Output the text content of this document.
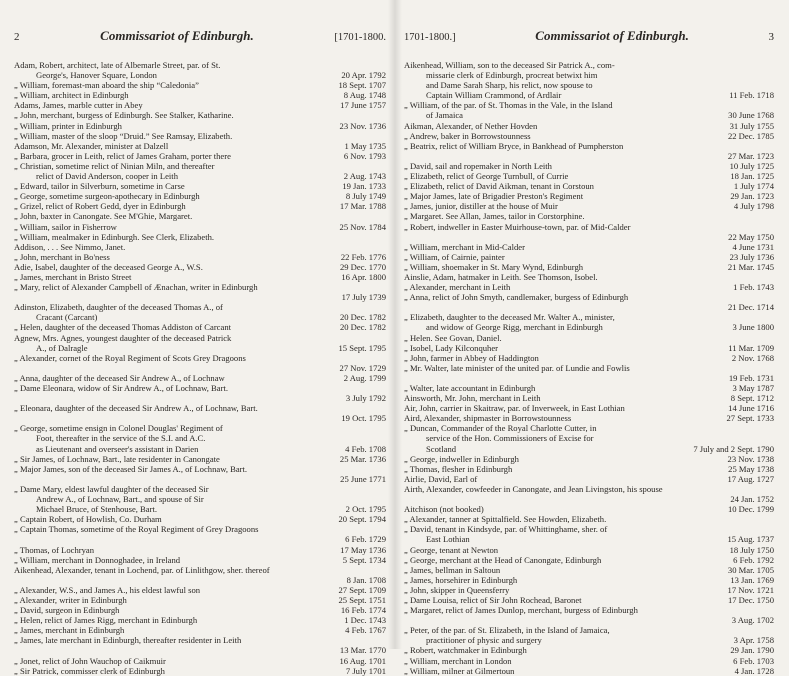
2	Commissariot of Edinburgh.	[1701-1800.
Adam, Robert, architect, late of Albemarle Street, par. of St.
George's, Hanover Square, London	20 Apr. 1792
„ William, foremast-man aboard the ship “Caledonia”	18 Sept. 1707
„ William, architect in Edinburgh	8 Aug. 1748
Adams, James, marble cutter in Abey	17 June 1757
„ John, merchant, burgess of Edinburgh. See Stalker, Katharine.
„ William, printer in Edinburgh	23 Nov. 1736
„ William, master of the sloop “Druid.” See Ramsay, Elizabeth.
Adamson, Mr. Alexander, minister at Dalzell	1 May 1735
„ Barbara, grocer in Leith, relict of James Graham, porter there	6 Nov. 1793
„ Christian, sometime relict of Ninian Miln, and thereafter
relict of David Anderson, cooper in Leith	2 Aug. 1743
„ Edward, tailor in Silverburn, sometime in Carse	19 Jan. 1733
„ George, sometime surgeon-apothecary in Edinburgh	8 July 1749
„ Grizel, relict of Robert Gedd, dyer in Edinburgh	17 Mar. 1788
„ John, baxter in Canongate. See M'Ghie, Margaret.
„ William, sailor in Fisherrow	25 Nov. 1784
„ William, mealmaker in Edinburgh. See Clerk, Elizabeth.
Addison, . . . See Nimmo, Janet.
„ John, merchant in Bo'ness	22 Feb. 1776
Adie, Isabel, daughter of the deceased George A., W.S.	29 Dec. 1770
„ James, merchant in Bristo Street	16 Apr. 1800
„ Mary, relict of Alexander Campbell of Ænachan, writer in Edinburgh
17 July 1739
Adinston, Elizabeth, daughter of the deceased Thomas A., of
Cracant (Carcant)	20 Dec. 1782
„ Helen, daughter of the deceased Thomas Addiston of Carcant	20 Dec. 1782
Agnew, Mrs. Agnes, youngest daughter of the deceased Patrick
A., of Dalragle	15 Sept. 1795
„ Alexander, cornet of the Royal Regiment of Scots Grey Dragoons
27 Nov. 1729
„ Anna, daughter of the deceased Sir Andrew A., of Lochnaw	2 Aug. 1799
„ Dame Eleonara, widow of Sir Andrew A., of Lochnaw, Bart.
3 July 1792
„ Eleonara, daughter of the deceased Sir Andrew A., of Lochnaw, Bart.
19 Oct. 1795
„ George, sometime ensign in Colonel Douglas' Regiment of
Foot, thereafter in the service of the S.I. and A.C.
as Lieutenant and overseer's assistant in Darien	4 Feb. 1708
„ Sir James, of Lochnaw, Bart., late residenter in Canongate	25 Mar. 1736
„ Major James, son of the deceased Sir James A., of Lochnaw, Bart.
25 June 1771
„ Dame Mary, eldest lawful daughter of the deceased Sir
Andrew A., of Lochnaw, Bart., and spouse of Sir
Michael Bruce, of Stenhouse, Bart.	2 Oct. 1795
„ Captain Robert, of Howlish, Co. Durham	20 Sept. 1794
„ Captain Thomas, sometime of the Royal Regiment of Grey Dragoons
6 Feb. 1729
„ Thomas, of Lochryan	17 May 1736
„ William, merchant in Donnoghadee, in Ireland	5 Sept. 1734
Aikenhead, Alexander, tenant in Lochend, par. of Linlithgow, sher. thereof
8 Jan. 1708
„ Alexander, W.S., and James A., his eldest lawful son	27 Sept. 1709
„ Alexander, writer in Edinburgh	25 Sept. 1751
„ David, surgeon in Edinburgh	16 Feb. 1774
„ Helen, relict of James Rigg, merchant in Edinburgh	1 Dec. 1743
„ James, merchant in Edinburgh	4 Feb. 1767
„ James, late merchant in Edinburgh, thereafter residenter in Leith
13 Mar. 1770
„ Jonet, relict of John Wauchop of Caikmuir	16 Aug. 1701
„ Sir Patrick, commisser clerk of Edinburgh	7 July 1701
1701-1800.]	Commissariot of Edinburgh.	3
Aikenhead, William, son to the deceased Sir Patrick A., com-
missarie clerk of Edinburgh, procreat betwixt him
and Dame Sarah Sharp, his relict, now spouse to
Captain William Crammond, of Ardlair	11 Feb. 1718
„ William, of the par. of St. Thomas in the Vale, in the Island
of Jamaica	30 June 1768
Aikman, Alexander, of Nether Hovden	31 July 1755
„ Andrew, baker in Borrowstounness	22 Dec. 1785
„ Beatrix, relict of William Bryce, in Bankhead of Pumpherston
27 Mar. 1723
„ David, sail and ropemaker in North Leith	10 July 1725
„ Elizabeth, relict of George Turnbull, of Currie	18 Jan. 1725
„ Elizabeth, relict of David Aikman, tenant in Corstoun	1 July 1774
„ Major James, late of Brigadier Preston's Regiment	29 Jan. 1723
„ James, junior, distiller at the house of Muir	4 July 1798
„ Margaret. See Allan, James, tailor in Corstorphine.
„ Robert, indweller in Easter Muirhouse-town, par. of Mid-Calder
22 May 1750
„ William, merchant in Mid-Calder	4 June 1731
„ William, of Cairnie, painter	23 July 1736
„ William, shoemaker in St. Mary Wynd, Edinburgh	21 Mar. 1745
Ainslie, Adam, hatmaker in Leith. See Thomson, Isobel.
„ Alexander, merchant in Leith	1 Feb. 1743
„ Anna, relict of John Smyth, candlemaker, burgess of Edinburgh
21 Dec. 1714
„ Elizabeth, daughter to the deceased Mr. Walter A., minister,
and widow of George Rigg, merchant in Edinburgh	3 June 1800
„ Helen. See Govan, Daniel.
„ Isobel, Lady Kilconquher	11 Mar. 1709
„ John, farmer in Abbey of Haddington	2 Nov. 1768
„ Mr. Walter, late minister of the united par. of Lundie and Fowlis
19 Feb. 1731
„ Walter, late accountant in Edinburgh	3 May 1787
Ainsworth, Mr. John, merchant in Leith	8 Sept. 1712
Air, John, carrier in Skaitraw, par. of Inverweek, in East Lothian	14 June 1716
Aird, Alexander, shipmaster in Borrowstounness	27 Sept. 1733
„ Duncan, Commander of the Royal Charlotte Cutter, in
service of the Hon. Commissioners of Excise for
Scotland	7 July and 2 Sept. 1790
„ George, indweller in Edinburgh	23 Nov. 1738
„ Thomas, flesher in Edinburgh	25 May 1738
Airlie, David, Earl of	17 Aug. 1727
Airth, Alexander, cowfeeder in Canongate, and Jean Livingston, his spouse
24 Jan. 1752
Aitchison (not booked)	10 Dec. 1799
„ Alexander, tanner at Spittalfield. See Howden, Elizabeth.
„ David, tenant in Kindsyde, par. of Whittinghame, sher. of
East Lothian	15 Aug. 1737
„ George, tenant at Newton	18 July 1750
„ George, merchant at the Head of Canongate, Edinburgh	6 Feb. 1792
„ James, bellman in Saltoun	30 Mar. 1705
„ James, horsehirer in Edinburgh	13 Jan. 1769
„ John, skipper in Queensferry	17 Nov. 1721
„ Dame Louisa, relict of Sir John Rochead, Baronet	17 Dec. 1750
„ Margaret, relict of James Dunlop, merchant, burgess of Edinburgh
3 Aug. 1702
„ Peter, of the par. of St. Elizabeth, in the Island of Jamaica,
practitioner of physic and surgery	3 Apr. 1758
„ Robert, watchmaker in Edinburgh	29 Jan. 1790
„ William, merchant in London	6 Feb. 1703
„ William, milner at Gilmertoun	4 Jan. 1728
